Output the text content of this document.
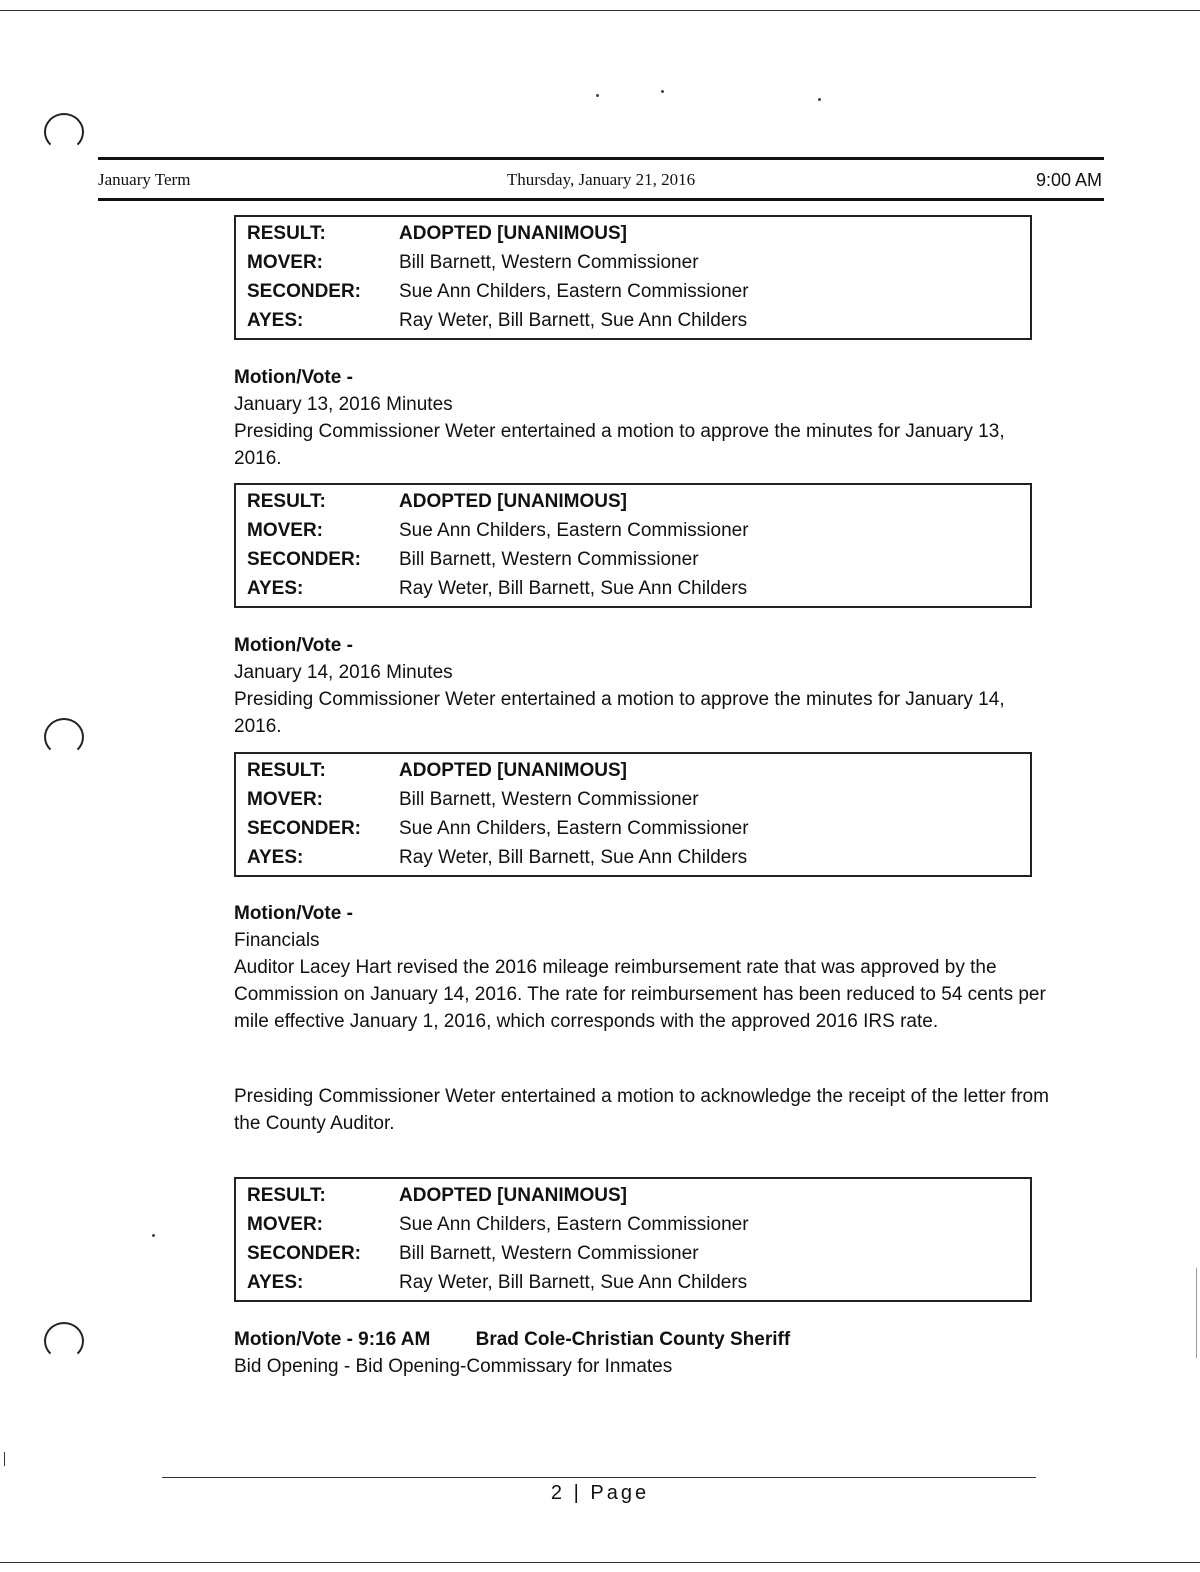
January Term	Thursday, January 21, 2016	9:00 AM
RESULT:	ADOPTED [UNANIMOUS]
MOVER:	Bill Barnett, Western Commissioner
SECONDER:	Sue Ann Childers, Eastern Commissioner
AYES:	Ray Weter, Bill Barnett, Sue Ann Childers

Motion/Vote -

January 13, 2016 Minutes

Presiding Commissioner Weter entertained a motion to approve the minutes for January 13, 2016.

RESULT:	ADOPTED [UNANIMOUS]
MOVER:	Sue Ann Childers, Eastern Commissioner
SECONDER:	Bill Barnett, Western Commissioner
AYES:	Ray Weter, Bill Barnett, Sue Ann Childers

Motion/Vote -

January 14, 2016 Minutes

Presiding Commissioner Weter entertained a motion to approve the minutes for January 14, 2016.

RESULT:	ADOPTED [UNANIMOUS]
MOVER:	Bill Barnett, Western Commissioner
SECONDER:	Sue Ann Childers, Eastern Commissioner
AYES:	Ray Weter, Bill Barnett, Sue Ann Childers

Motion/Vote -

Financials

Auditor Lacey Hart revised the 2016 mileage reimbursement rate that was approved by the Commission on January 14, 2016. The rate for reimbursement has been reduced to 54 cents per mile effective January 1, 2016, which corresponds with the approved 2016 IRS rate.

Presiding Commissioner Weter entertained a motion to acknowledge the receipt of the letter from the County Auditor.

RESULT:	ADOPTED [UNANIMOUS]
MOVER:	Sue Ann Childers, Eastern Commissioner
SECONDER:	Bill Barnett, Western Commissioner
AYES:	Ray Weter, Bill Barnett, Sue Ann Childers

Motion/Vote - 9:16 AM Brad Cole-Christian County Sheriff

Bid Opening - Bid Opening-Commissary for Inmates

2 | Page
